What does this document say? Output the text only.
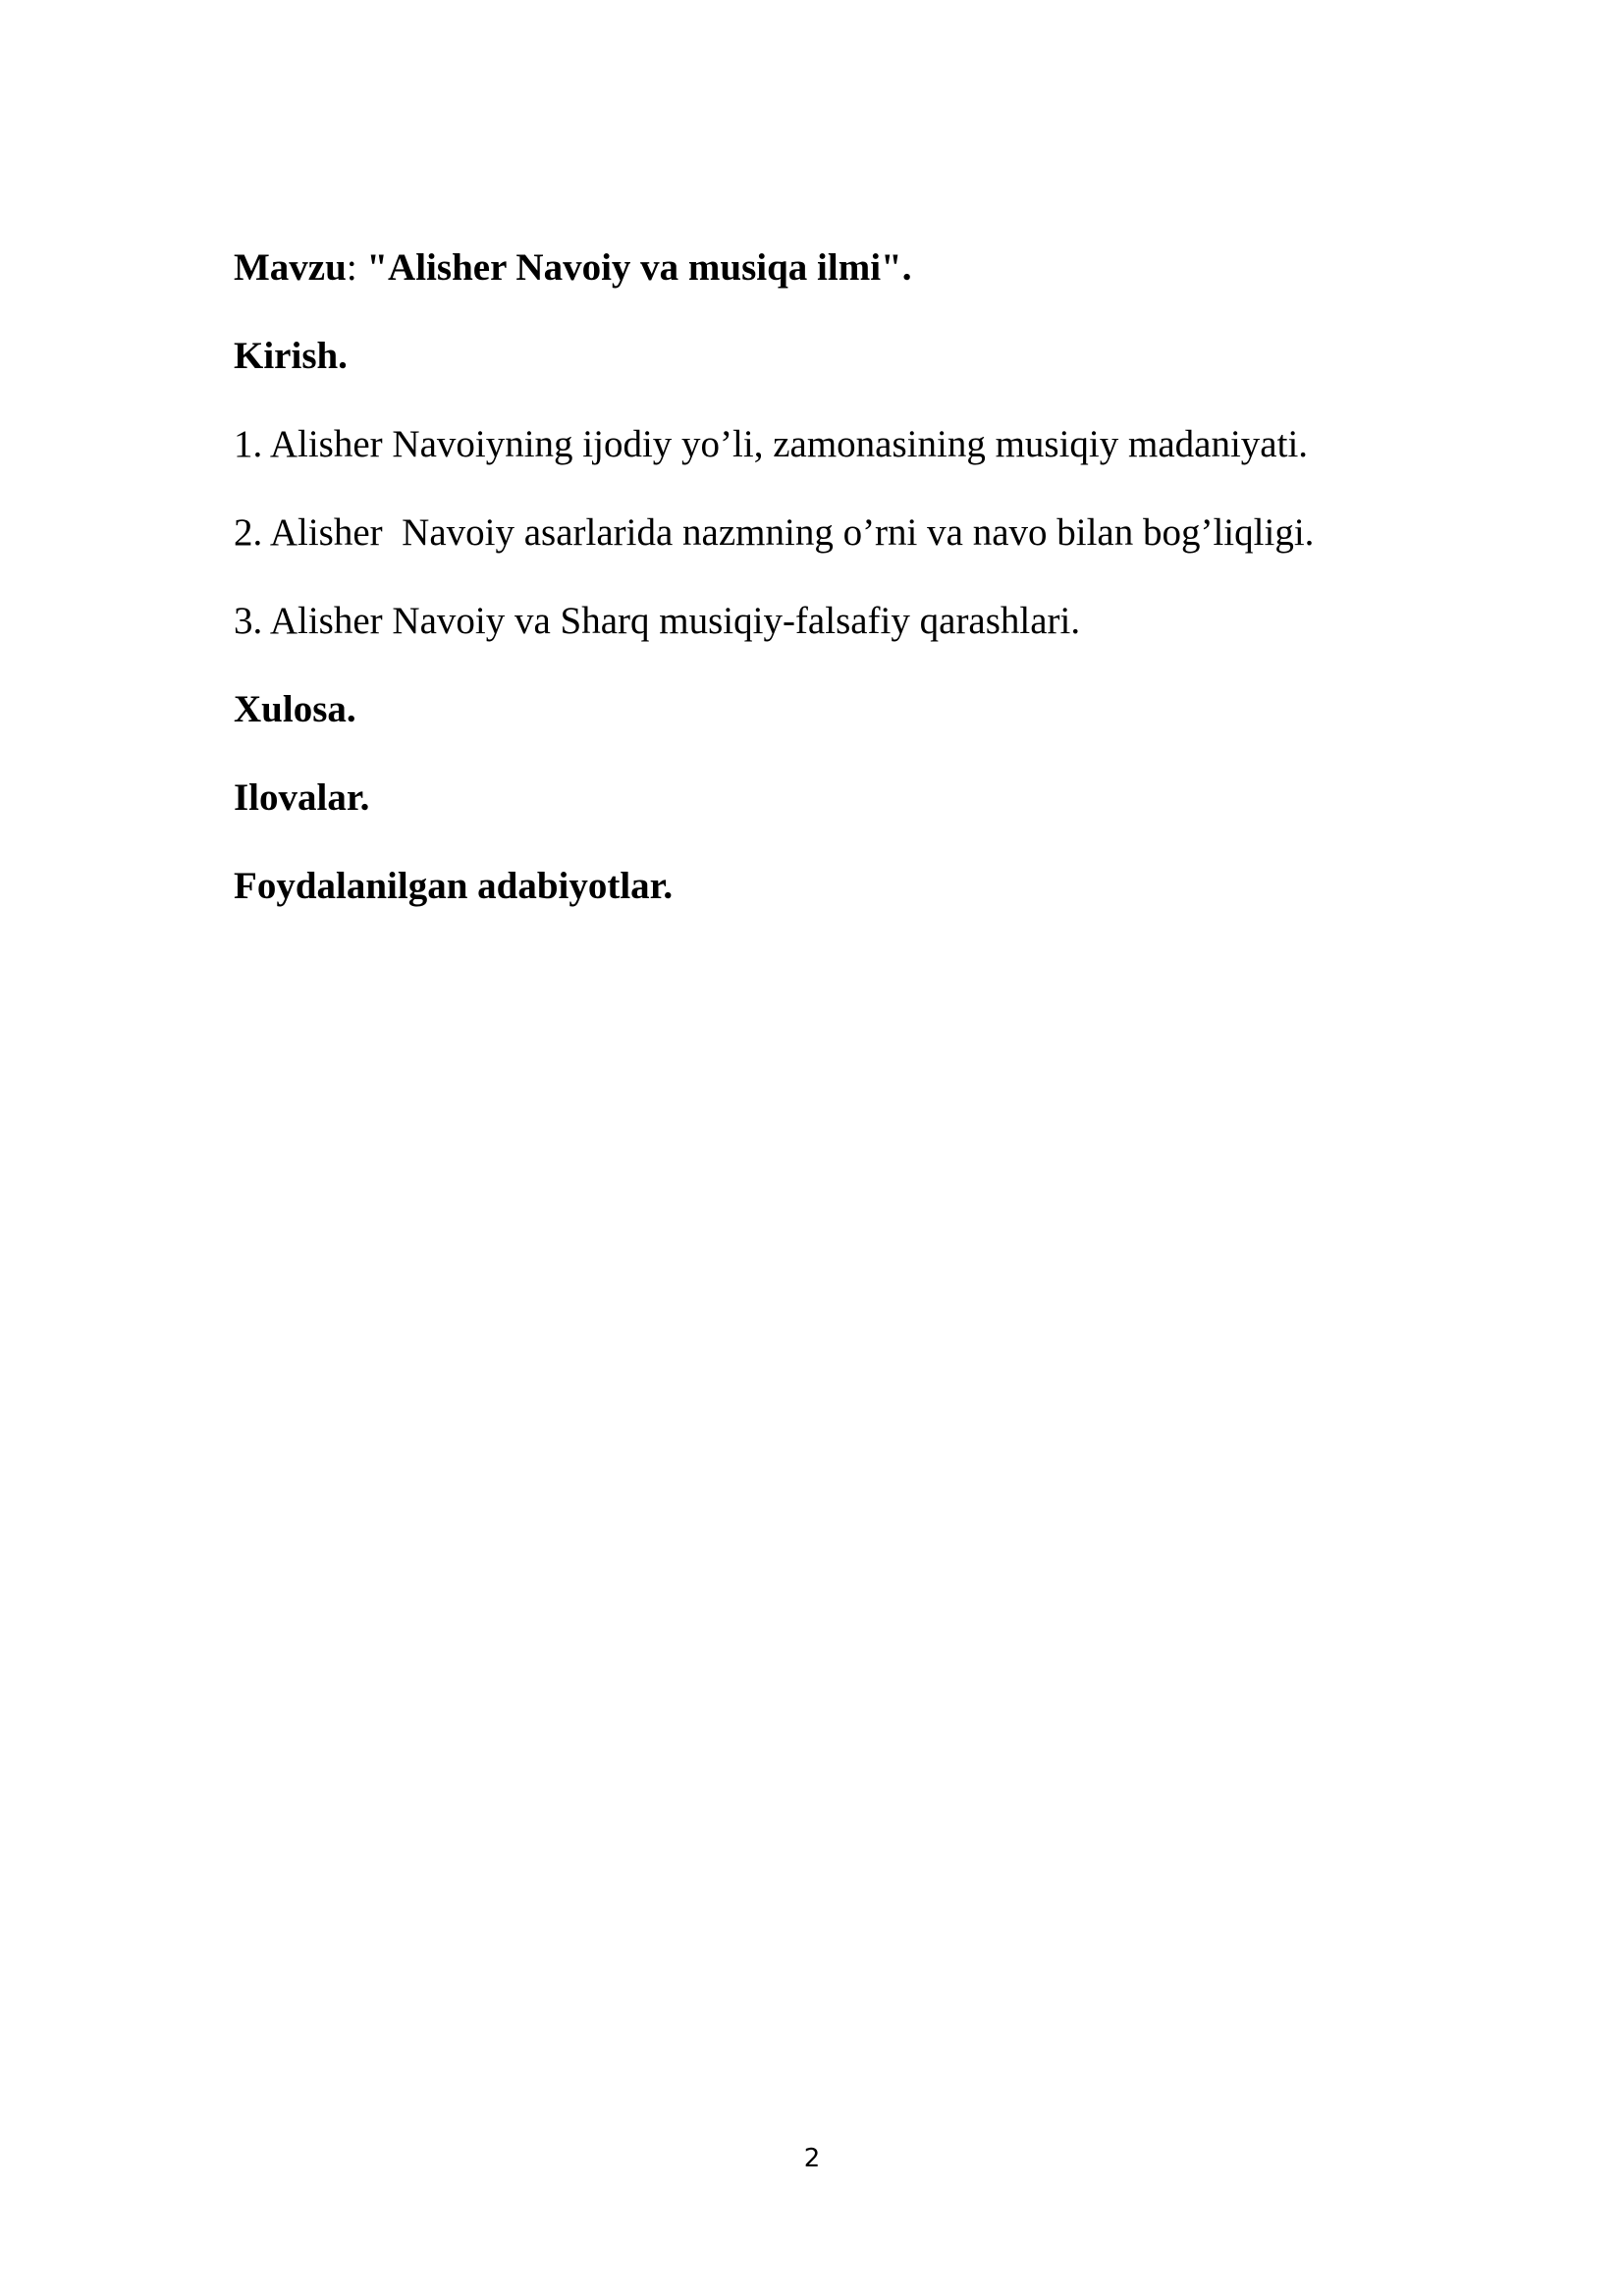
Mavzu: "Alisher Navoiy va musiqa ilmi".
Kirish.
1. Alisher Navoiyning ijodiy yo’li, zamonasining musiqiy madaniyati.
2. Alisher  Navoiy asarlarida nazmning o’rni va navo bilan bog’liqligi.
3. Alisher Navoiy va Sharq musiqiy-falsafiy qarashlari.
Xulosa.
Ilovalar.
Foydalanilgan adabiyotlar.
2
